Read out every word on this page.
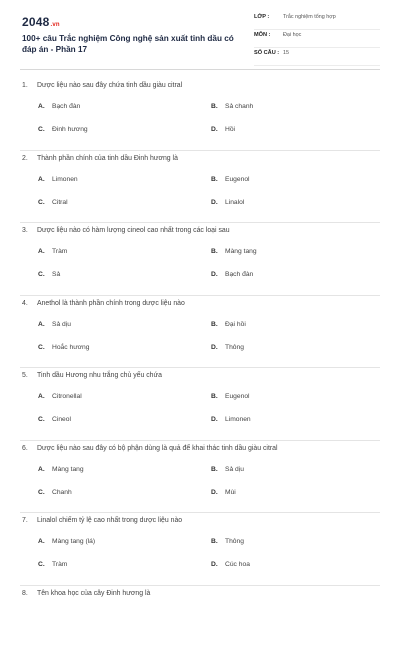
2048.vn
100+ câu Trắc nghiệm Công nghệ sản xuất tinh dầu có đáp án - Phần 17
LỚP :	Trắc nghiệm tổng hợp
MÔN :	Đại học
SỐ CÂU : 15
1.	Dược liệu nào sau đây chứa tinh dầu giàu citral
A.	Bạch đàn	B.	Sả chanh
C.	Đinh hương	D.	Hồi
2.	Thành phần chính của tinh dầu Đinh hương là
A.	Limonen	B.	Eugenol
C.	Citral	D.	Linalol
3.	Dược liệu nào có hàm lượng cineol cao nhất trong các loại sau
A.	Tràm	B.	Màng tang
C.	Sả	D.	Bạch đàn
4.	Anethol là thành phần chính trong dược liệu nào
A.	Sả dịu	B.	Đại hồi
C.	Hoắc hương	D.	Thông
5.	Tinh dầu Hương nhu trắng chủ yếu chứa
A.	Citronellal	B.	Eugenol
C.	Cineol	D.	Limonen
6.	Dược liệu nào sau đây có bộ phận dùng là quả để khai thác tinh dầu giàu citral
A.	Màng tang	B.	Sả dịu
C.	Chanh	D.	Mùi
7.	Linalol chiếm tỷ lệ cao nhất trong dược liệu nào
A.	Màng tang (lá)	B.	Thông
C.	Tràm	D.	Cúc hoa
8.	Tên khoa học của cây Đinh hương là
